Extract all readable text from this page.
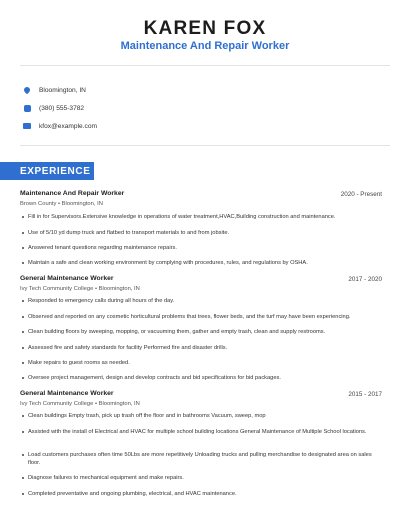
KAREN FOX
Maintenance And Repair Worker
Bloomington, IN
(380) 555-3782
kfox@example.com
EXPERIENCE
Maintenance And Repair Worker	2020 - Present
Brown County • Bloomington, IN
Fill in for Supervisors.Extensive knowledge in operations of water treatment,HVAC,Building construction and maintenance.
Use of 5/10 yd dump truck and flatbed to transport materials to and from jobsite.
Answered tenant questions regarding maintenance repairs.
Maintain a safe and clean working environment by complying with procedures, rules, and regulations by OSHA.
General Maintenance Worker	2017 - 2020
Ivy Tech Community College • Bloomington, IN
Responded to emergency calls during all hours of the day.
Observed and reported on any cosmetic horticultural problems that trees, flower beds, and the turf may have been experiencing.
Clean building floors by sweeping, mopping, or vacuuming them, gather and empty trash, clean and supply restrooms.
Assessed fire and safety standards for facility Performed fire and disaster drills.
Make repairs to guest rooms as needed.
Oversee project management, design and develop contracts and bid specifications for bid packages.
General Maintenance Worker	2015 - 2017
Ivy Tech Community College • Bloomington, IN
Clean buildings Empty trash, pick up trash off the floor and in bathrooms Vacuum, sweep, mop
Assisted with the install of Electrical and HVAC for multiple school building locations General Maintenance of Multiple School locations.
Load customers purchases often time 50Lbs are more repetitively Unloading trucks and pulling merchandise to designated area on sales floor.
Diagnose failures to mechanical equipment and make repairs.
Completed preventative and ongoing plumbing, electrical, and HVAC maintenance.
